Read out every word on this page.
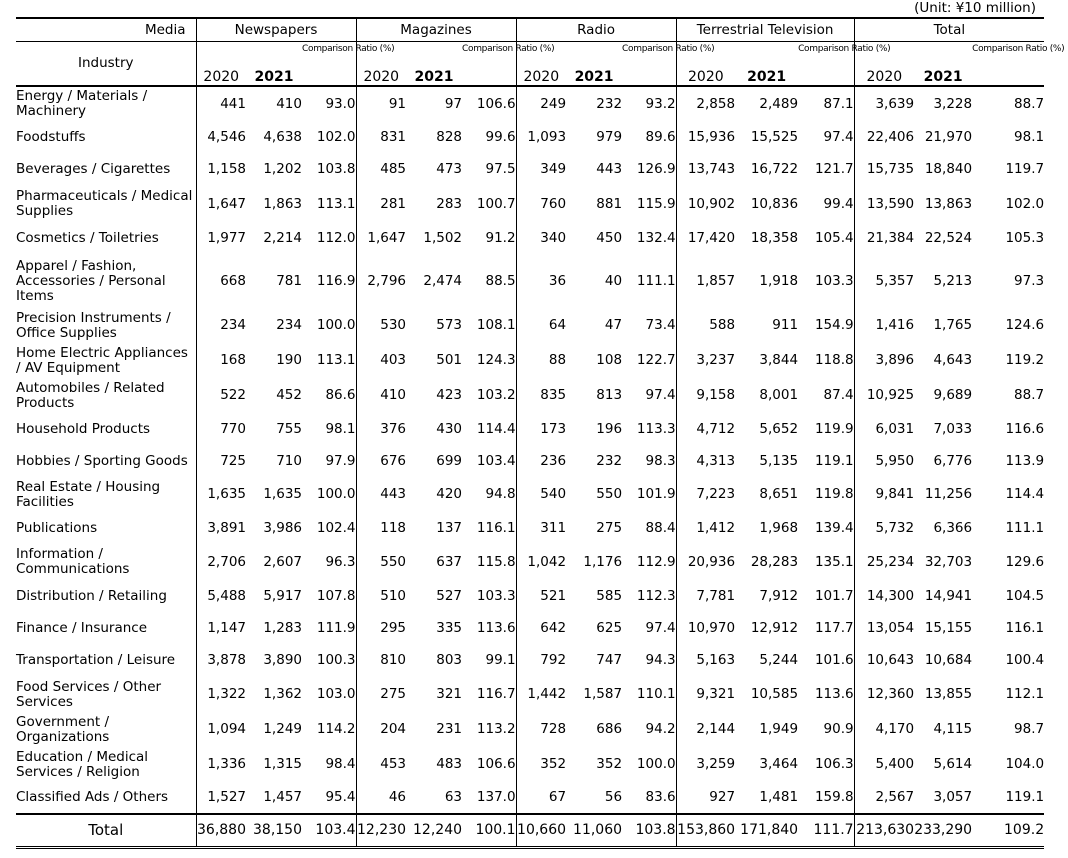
(Unit: ¥10 million)
Media	Newspapers			Magazines			Radio			Terrestrial Television			Total		
Industry	2020	2021	Comparison Ratio (%)	2020	2021	Comparison Ratio (%)	2020	2021	Comparison Ratio (%)	2020	2021	Comparison Ratio (%)	2020	2021	Comparison Ratio (%)
Energy / Materials / Machinery	441	410	93.0	91	97	106.6	249	232	93.2	2,858	2,489	87.1	3,639	3,228	88.7
Foodstuffs	4,546	4,638	102.0	831	828	99.6	1,093	979	89.6	15,936	15,525	97.4	22,406	21,970	98.1
Beverages / Cigarettes	1,158	1,202	103.8	485	473	97.5	349	443	126.9	13,743	16,722	121.7	15,735	18,840	119.7
Pharmaceuticals / Medical Supplies	1,647	1,863	113.1	281	283	100.7	760	881	115.9	10,902	10,836	99.4	13,590	13,863	102.0
Cosmetics / Toiletries	1,977	2,214	112.0	1,647	1,502	91.2	340	450	132.4	17,420	18,358	105.4	21,384	22,524	105.3
Apparel / Fashion, Accessories / Personal Items	668	781	116.9	2,796	2,474	88.5	36	40	111.1	1,857	1,918	103.3	5,357	5,213	97.3
Precision Instruments / Office Supplies	234	234	100.0	530	573	108.1	64	47	73.4	588	911	154.9	1,416	1,765	124.6
Home Electric Appliances / AV Equipment	168	190	113.1	403	501	124.3	88	108	122.7	3,237	3,844	118.8	3,896	4,643	119.2
Automobiles / Related Products	522	452	86.6	410	423	103.2	835	813	97.4	9,158	8,001	87.4	10,925	9,689	88.7
Household Products	770	755	98.1	376	430	114.4	173	196	113.3	4,712	5,652	119.9	6,031	7,033	116.6
Hobbies / Sporting Goods	725	710	97.9	676	699	103.4	236	232	98.3	4,313	5,135	119.1	5,950	6,776	113.9
Real Estate / Housing Facilities	1,635	1,635	100.0	443	420	94.8	540	550	101.9	7,223	8,651	119.8	9,841	11,256	114.4
Publications	3,891	3,986	102.4	118	137	116.1	311	275	88.4	1,412	1,968	139.4	5,732	6,366	111.1
Information / Communications	2,706	2,607	96.3	550	637	115.8	1,042	1,176	112.9	20,936	28,283	135.1	25,234	32,703	129.6
Distribution / Retailing	5,488	5,917	107.8	510	527	103.3	521	585	112.3	7,781	7,912	101.7	14,300	14,941	104.5
Finance / Insurance	1,147	1,283	111.9	295	335	113.6	642	625	97.4	10,970	12,912	117.7	13,054	15,155	116.1
Transportation / Leisure	3,878	3,890	100.3	810	803	99.1	792	747	94.3	5,163	5,244	101.6	10,643	10,684	100.4
Food Services / Other Services	1,322	1,362	103.0	275	321	116.7	1,442	1,587	110.1	9,321	10,585	113.6	12,360	13,855	112.1
Government / Organizations	1,094	1,249	114.2	204	231	113.2	728	686	94.2	2,144	1,949	90.9	4,170	4,115	98.7
Education / Medical Services / Religion	1,336	1,315	98.4	453	483	106.6	352	352	100.0	3,259	3,464	106.3	5,400	5,614	104.0
Classified Ads / Others	1,527	1,457	95.4	46	63	137.0	67	56	83.6	927	1,481	159.8	2,567	3,057	119.1
Total	36,880	38,150	103.4	12,230	12,240	100.1	10,660	11,060	103.8	153,860	171,840	111.7	213,630	233,290	109.2
